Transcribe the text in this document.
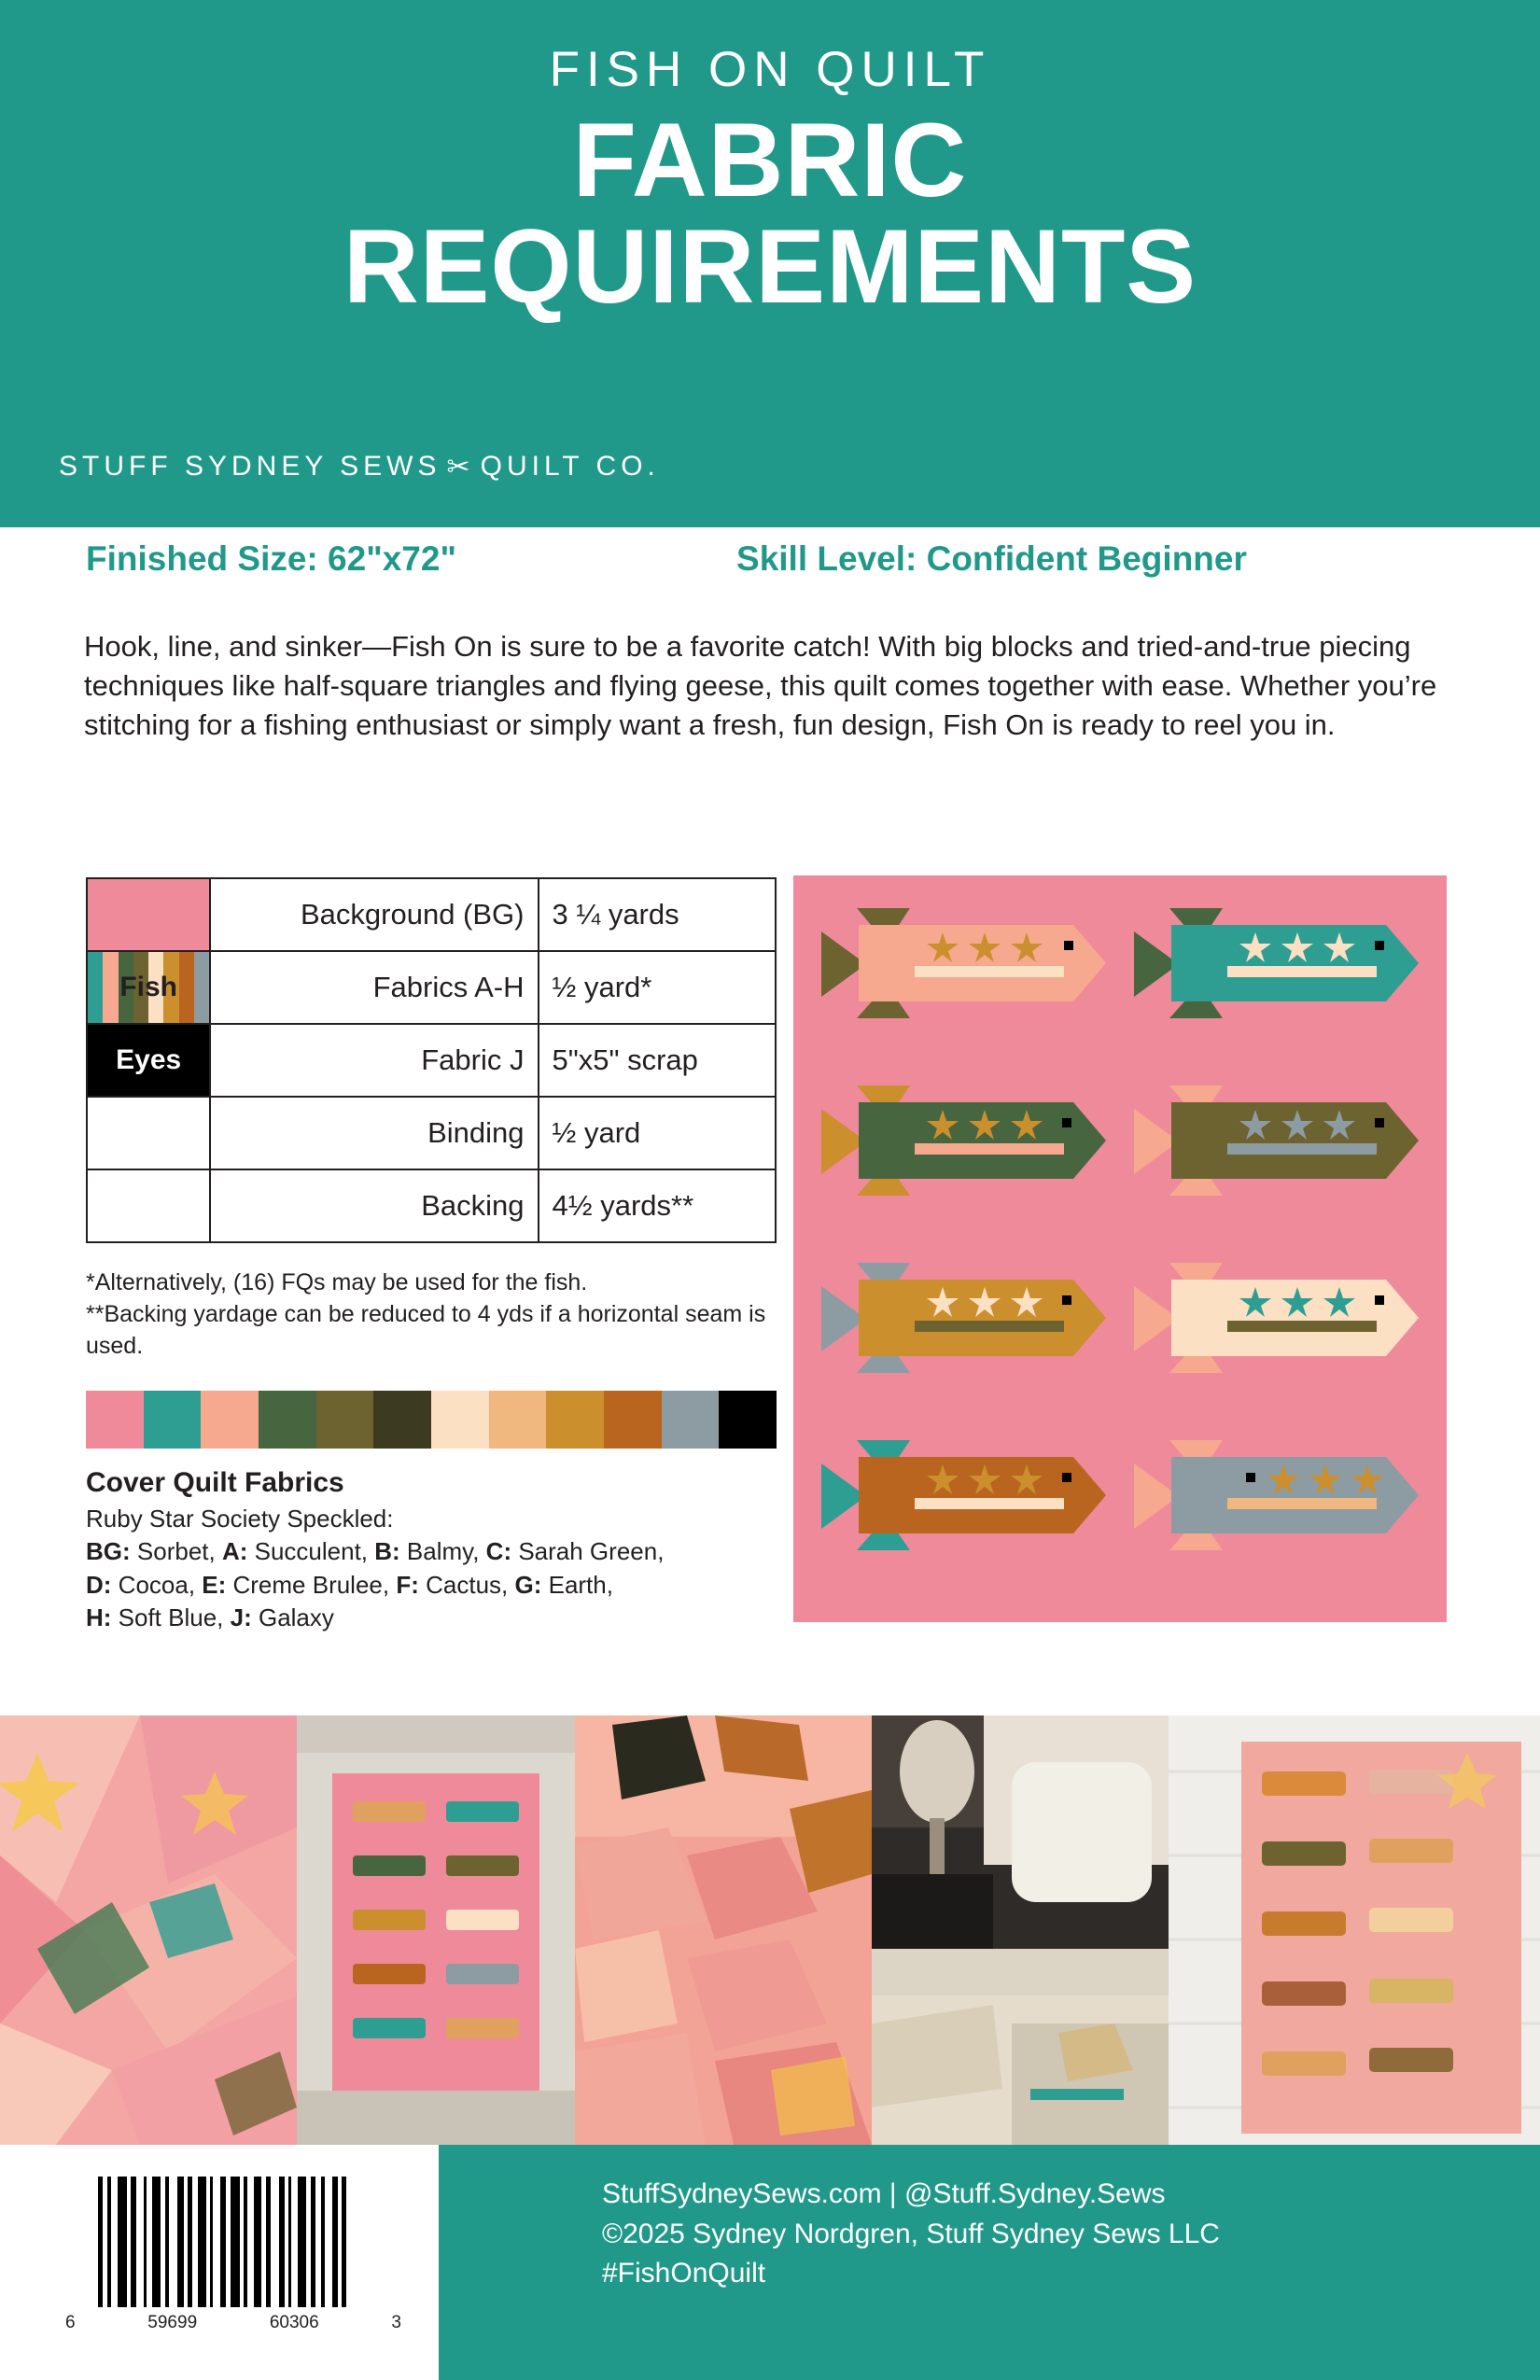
FISH ON QUILT
FABRIC
REQUIREMENTS
STUFF SYDNEY SEWS ✂ QUILT CO.
Finished Size: 62"x72"	Skill Level: Confident Beginner
Hook, line, and sinker—Fish On is sure to be a favorite catch! With big blocks and tried-and-true piecing techniques like half-square triangles and flying geese, this quilt comes together with ease. Whether you’re stitching for a fishing enthusiast or simply want a fresh, fun design, Fish On is ready to reel you in.
	Background (BG)	3 ¼ yards

Fish	Fabrics A-H	½ yard*

Eyes	Fabric J	5"x5" scrap
	Binding	½ yard
	Backing	4½ yards**
*Alternatively, (16) FQs may be used for the fish.
**Backing yardage can be reduced to 4 yds if a horizontal seam is used.
Cover Quilt Fabrics

Ruby Star Society Speckled:

BG: Sorbet, A: Succulent, B: Balmy, C: Sarah Green,

D: Cocoa, E: Creme Brulee, F: Cactus, G: Earth,

H: Soft Blue, J: Galaxy

6	59699	60306	3
StuffSydneySews.com | @Stuff.Sydney.Sews
©2025 Sydney Nordgren, Stuff Sydney Sews LLC
#FishOnQuilt
